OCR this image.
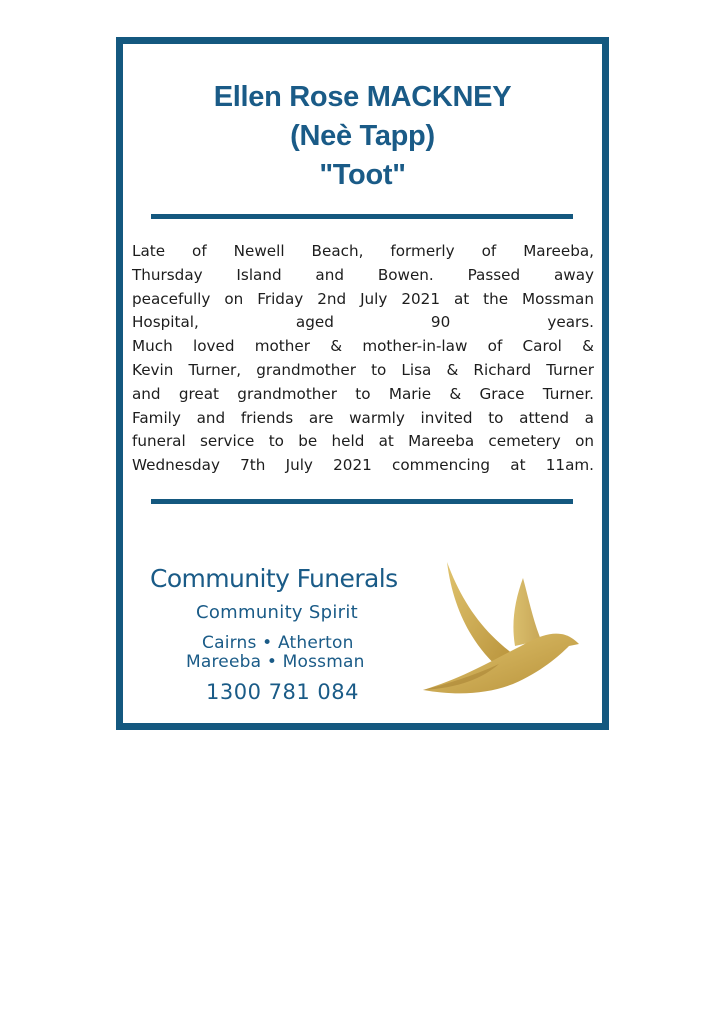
Ellen Rose MACKNEY
(Neè Tapp)
"Toot"
Late of Newell Beach, formerly of Mareeba,
Thursday Island and Bowen. Passed away
peacefully on Friday 2nd July 2021 at the Mossman
Hospital, aged 90 years.
Much loved mother & mother-in-law of Carol &
Kevin Turner, grandmother to Lisa & Richard Turner
and great grandmother to Marie & Grace Turner.
Family and friends are warmly invited to attend a
funeral service to be held at Mareeba cemetery on
Wednesday 7th July 2021 commencing at 11am.
Community Funerals
Community Spirit
Cairns • Atherton
Mareeba • Mossman
1300 781 084
